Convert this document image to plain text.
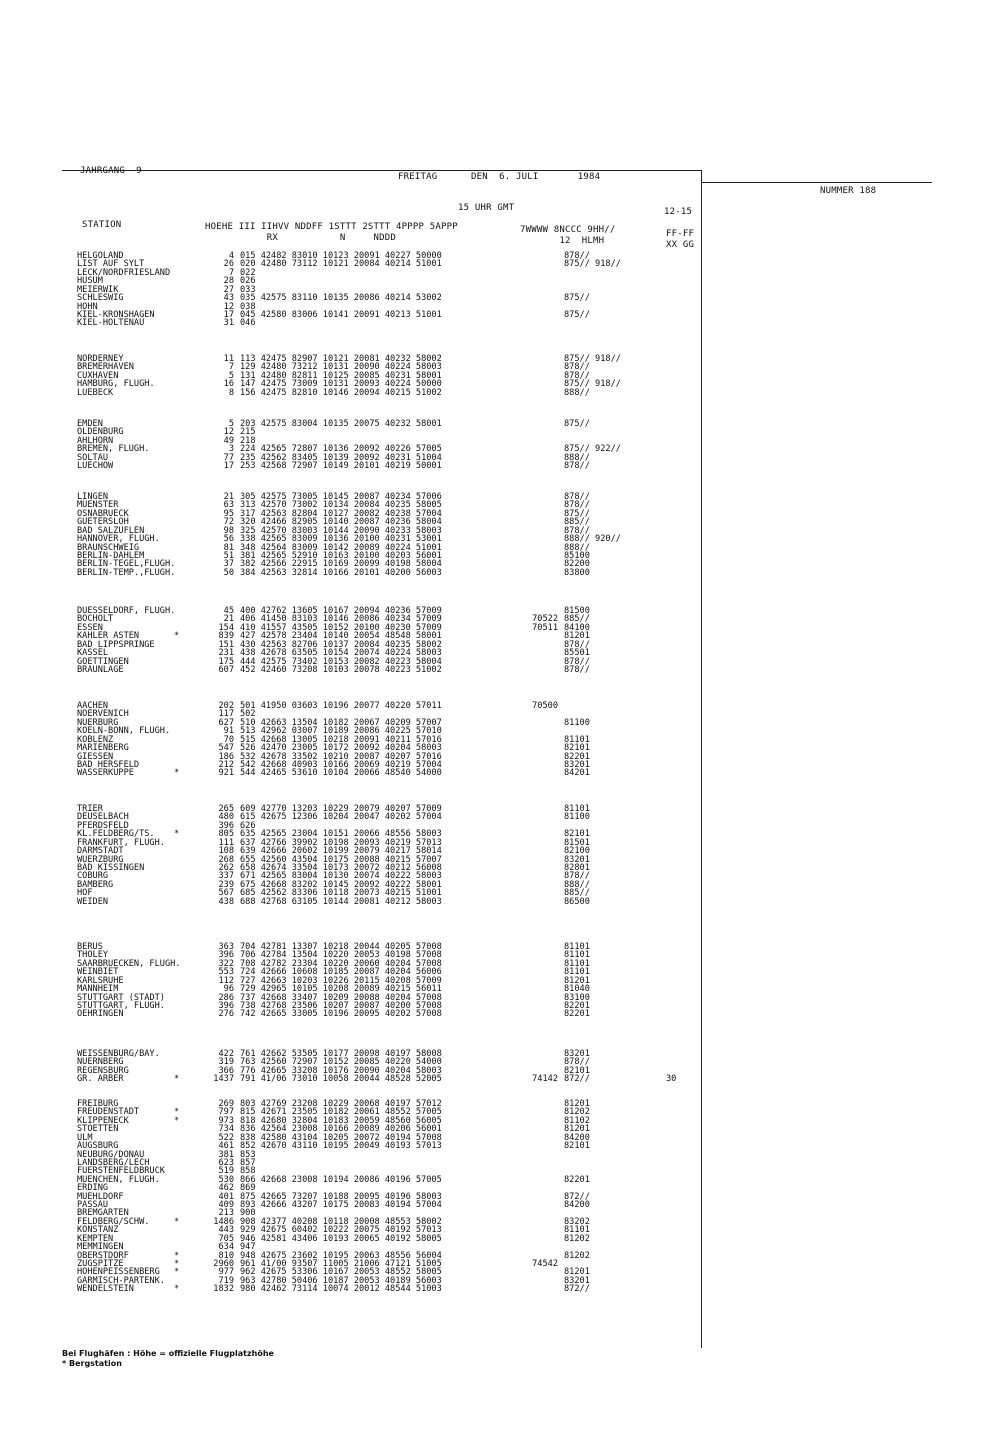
JAHRGANG  9
FREITAG      DEN  6. JULI       1984
NUMMER 188
15 UHR GMT	12-15
STATION	HOEHE III IIHVV NDDFF 1STTT 2STTT 4PPPP 5APPP
RX           N     NDDD
7WWWW 8NCCC 9HH//
12  HLMH
FF-FF
XX GG
HELGOLAND	4 015 42482 83010 10123 20091 40227 50000	878//
LIST AUF SYLT	26 020 42480 73112 10121 20084 40214 51001	875// 918//
LECK/NORDFRIESLAND	7 022
HUSUM	28 026
MEIERWIK	27 033
SCHLESWIG	43 035 42575 83110 10135 20086 40214 53002	875//
HOHN	12 038
KIEL-KRONSHAGEN	17 045 42580 83006 10141 20091 40213 51001	875//
KIEL-HOLTENAU	31 046
NORDERNEY	11 113 42475 82907 10121 20081 40232 58002	875// 918//
BREMERHAVEN	7 129 42480 73212 10131 20090 40224 58003	878//
CUXHAVEN	5 131 42480 82811 10125 20085 40231 58001	878//
HAMBURG, FLUGH.	16 147 42475 73009 10131 20093 40224 50000	875// 918//
LUEBECK	8 156 42475 82810 10146 20094 40215 51002	888//
EMDEN	5 203 42575 83004 10135 20075 40232 58001	875//
OLDENBURG	12 215
AHLHORN	49 218
BREMEN, FLUGH.	3 224 42565 72807 10136 20092 40226 57005	875// 922//
SOLTAU	77 235 42562 83405 10139 20092 40231 51004	888//
LUECHOW	17 253 42568 72907 10149 20101 40219 50001	878//
LINGEN	21 305 42575 73005 10145 20087 40234 57006	878//
MUENSTER	63 313 42570 73002 10134 20084 40235 58005	878//
OSNABRUECK	95 317 42563 82804 10127 20082 40238 57004	875//
GUETERSLOH	72 320 42466 82905 10140 20087 40236 58004	885//
BAD SALZUFLEN	98 325 42570 83003 10144 20090 40233 58003	878//
HANNOVER, FLUGH.	56 338 42565 83009 10136 20100 40231 53001	888// 920//
BRAUNSCHWEIG	81 348 42564 83009 10142 20089 40224 51001	888//
BERLIN-DAHLEM	51 381 42565 52910 10163 20100 40203 56001	85100
BERLIN-TEGEL,FLUGH.	37 382 42566 22915 10169 20099 40198 58004	82200
BERLIN-TEMP.,FLUGH.	50 384 42563 32814 10166 20101 40200 56003	83800
DUESSELDORF, FLUGH.	45 400 42762 13605 10167 20094 40236 57009	81500
BOCHOLT	21 406 41450 83103 10146 20086 40234 57009	70522 885//
ESSEN	154 410 41557 43505 10152 20100 40230 57009	70511 84100
KAHLER ASTEN	*	839 427 42578 23404 10140 20054 48548 58001	81201
BAD LIPPSPRINGE	151 430 42563 82706 10137 20084 40235 58002	878//
KASSEL	231 438 42678 63505 10154 20074 40224 58003	85501
GOETTINGEN	175 444 42575 73402 10153 20082 40223 58004	878//
BRAUNLAGE	607 452 42460 73208 10103 20078 40223 51002	878//
AACHEN	202 501 41950 03603 10196 20077 40220 57011	70500
NOERVENICH	117 502
NUERBURG	627 510 42663 13504 10182 20067 40209 57007	81100
KOELN-BONN, FLUGH.	91 513 42962 03007 10189 20086 40225 57010
KOBLENZ	70 515 42668 13005 10218 20091 40211 57016	81101
MARIENBERG	547 526 42470 23005 10172 20092 40204 58003	82101
GIESSEN	186 532 42678 33502 10210 20087 40207 57016	82201
BAD HERSFELD	212 542 42668 40903 10166 20069 40219 57004	83201
WASSERKUPPE	*	921 544 42465 53610 10104 20066 48540 54000	84201
TRIER	265 609 42770 13203 10229 20079 40207 57009	81101
DEUSELBACH	480 615 42675 12306 10204 20047 40202 57004	81100
PFERDSFELD	396 626
KL.FELDBERG/TS. *	805 635 42565 23004 10151 20066 48556 58003	82101
FRANKFURT, FLUGH.	111 637 42766 39902 10198 20093 40219 57013	81501
DARMSTADT	108 639 42666 20602 10199 20079 40217 58014	82100
WUERZBURG	268 655 42560 43504 10175 20088 40215 57007	83201
BAD KISSINGEN	262 658 42674 33504 10173 20072 40212 56008	82801
COBURG	337 671 42565 83004 10130 20074 40222 58003	878//
BAMBERG	239 675 42668 83202 10145 20092 40222 58001	888//
HOF	567 685 42562 83306 10118 20073 40215 51001	885//
WEIDEN	438 688 42768 63105 10144 20081 40212 58003	86500
BERUS	363 704 42781 13307 10218 20044 40205 57008	81101
THOLEY	396 706 42784 13504 10220 20053 40198 57008	81101
SAARBRUECKEN, FLUGH.	322 708 42782 23304 10220 20060 40204 57008	81101
WEINBIET	553 724 42666 10608 10185 20087 40204 56006	81101
KARLSRUHE	112 727 42663 10203 10226 20115 40208 57009	81201
MANNHEIM	96 729 42965 10105 10208 20089 40215 56011	81040
STUTTGART (STADT)	286 737 42668 33407 10209 20088 40204 57008	83100
STUTTGART, FLUGH.	396 738 42768 23506 10207 20087 40200 57008	82201
OEHRINGEN	276 742 42665 33005 10196 20095 40202 57008	82201
WEISSENBURG/BAY.	422 761 42662 53505 10177 20098 40197 58008	83201
NUERNBERG	319 763 42560 72907 10152 20085 40220 54000	878//
REGENSBURG	366 776 42665 33208 10176 20090 40204 58003	82101
GR. ARBER	*	1437 791 41/06 73010 10058 20044 48528 52005	74142 872//	30
FREIBURG	269 803 42769 23208 10229 20068 40197 57012	81201
FREUDENSTADT	*	797 815 42671 23505 10182 20061 48552 57005	81202
KLIPPENECK	*	973 818 42680 32804 10183 20059 48560 56005	81102
STOETTEN	734 836 42564 23008 10166 20089 40206 56001	81201
ULM	522 838 42580 43104 10205 20072 40194 57008	84200
AUGSBURG	461 852 42670 43110 10195 20049 40193 57013	82101
NEUBURG/DONAU	381 853
LANDSBERG/LECH	623 857
FUERSTENFELDBRUCK	519 858
MUENCHEN, FLUGH.	530 866 42668 23008 10194 20086 40196 57005	82201
ERDING	462 869
MUEHLDORF	401 875 42665 73207 10188 20095 40196 58003	872//
PASSAU	409 893 42666 43207 10175 20083 40194 57004	84200
BREMGARTEN	213 900
FELDBERG/SCHW.	*	1486 908 42377 40208 10118 20008 48553 58002	83202
KONSTANZ	443 929 42675 60402 10222 20075 40192 57013	81101
KEMPTEN	705 946 42581 43406 10193 20065 40192 58005	81202
MEMMINGEN	634 947
OBERSTDORF	*	810 948 42675 23602 10195 20063 48556 56004	81202
ZUGSPITZE	*	2960 961 41/00 93507 11005 21006 47121 51005	74542
HOHENPEISSENBERG *	977 962 42675 53306 10167 20053 48552 58005	81201
GARMISCH-PARTENK.	719 963 42780 50406 10187 20053 40189 56003	83201
WENDELSTEIN	*	1832 980 42462 73114 10074 20012 48544 51003	872//
Bei Flughäfen : Höhe = offizielle Flugplatzhöhe
* Bergstation
